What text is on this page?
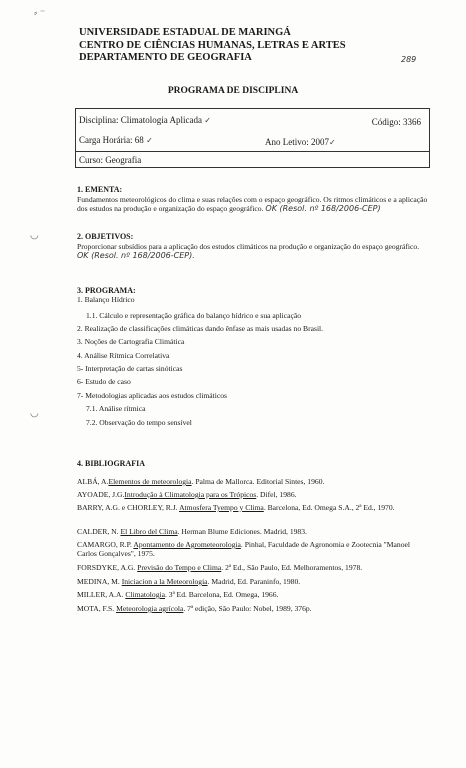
⸗ ⁻
◡
◡
UNIVERSIDADE ESTADUAL DE MARINGÁ
CENTRO DE CIÊNCIAS HUMANAS, LETRAS E ARTES
DEPARTAMENTO DE GEOGRAFIA	289
PROGRAMA DE DISCIPLINA
Disciplina: Climatologia Aplicada ✓	Código: 3366
Carga Horária: 68 ✓	Ano Letivo: 2007✓
Curso: Geografia
1. EMENTA:
Fundamentos meteorológicos do clima e suas relações com o espaço geográfico. Os ritmos climáticos e a aplicação dos estudos na produção e organização do espaço geográfico. OK (Resol. nº 168/2006-CEP)
2. OBJETIVOS:
Proporcionar subsídios para a aplicação dos estudos climáticos na produção e organização do espaço geográfico. OK (Resol. nº 168/2006-CEP).
3. PROGRAMA:
1. Balanço Hídrico
1.1. Cálculo e representação gráfica do balanço hídrico e sua aplicação
2. Realização de classificações climáticas dando ênfase as mais usadas no Brasil.
3. Noções de Cartografia Climática
4. Análise Rítmica Correlativa
5- Interpretação de cartas sinóticas
6- Estudo de caso
7- Metodologias aplicadas aos estudos climáticos
7.1. Análise rítmica
7.2. Observação do tempo sensível
4. BIBLIOGRAFIA
ALBÁ, A.Elementos de meteorologia. Palma de Mallorca. Editorial Sintes, 1960.
AYOADE, J.G.Introdução à Climatologia para os Trópicos. Difel, 1986.
BARRY, A.G. e CHORLEY, R.J. Atmosfera Tyempo y Clima. Barcelona, Ed. Omega S.A., 2ª Ed., 1970.
CALDER, N. El Libro del Clima. Herman Blume Ediciones. Madrid, 1983.
CAMARGO, R.P. Apontamento de Agrometeorologia. Pinhal, Faculdade de Agronomia e Zootecnia "Manoel Carlos Gonçalves", 1975.
FORSDYKE, A.G. Previsão do Tempo e Clima. 2ª Ed., São Paulo, Ed. Melhoramentos, 1978.
MEDINA, M. Iniciacion a la Meteorologia. Madrid, Ed. Paraninfo, 1980.
MILLER, A.A. Climatologia. 3ª Ed. Barcelona, Ed. Omega, 1966.
MOTA, F.S. Meteorologia agrícola. 7ª edição, São Paulo: Nobel, 1989, 376p.
